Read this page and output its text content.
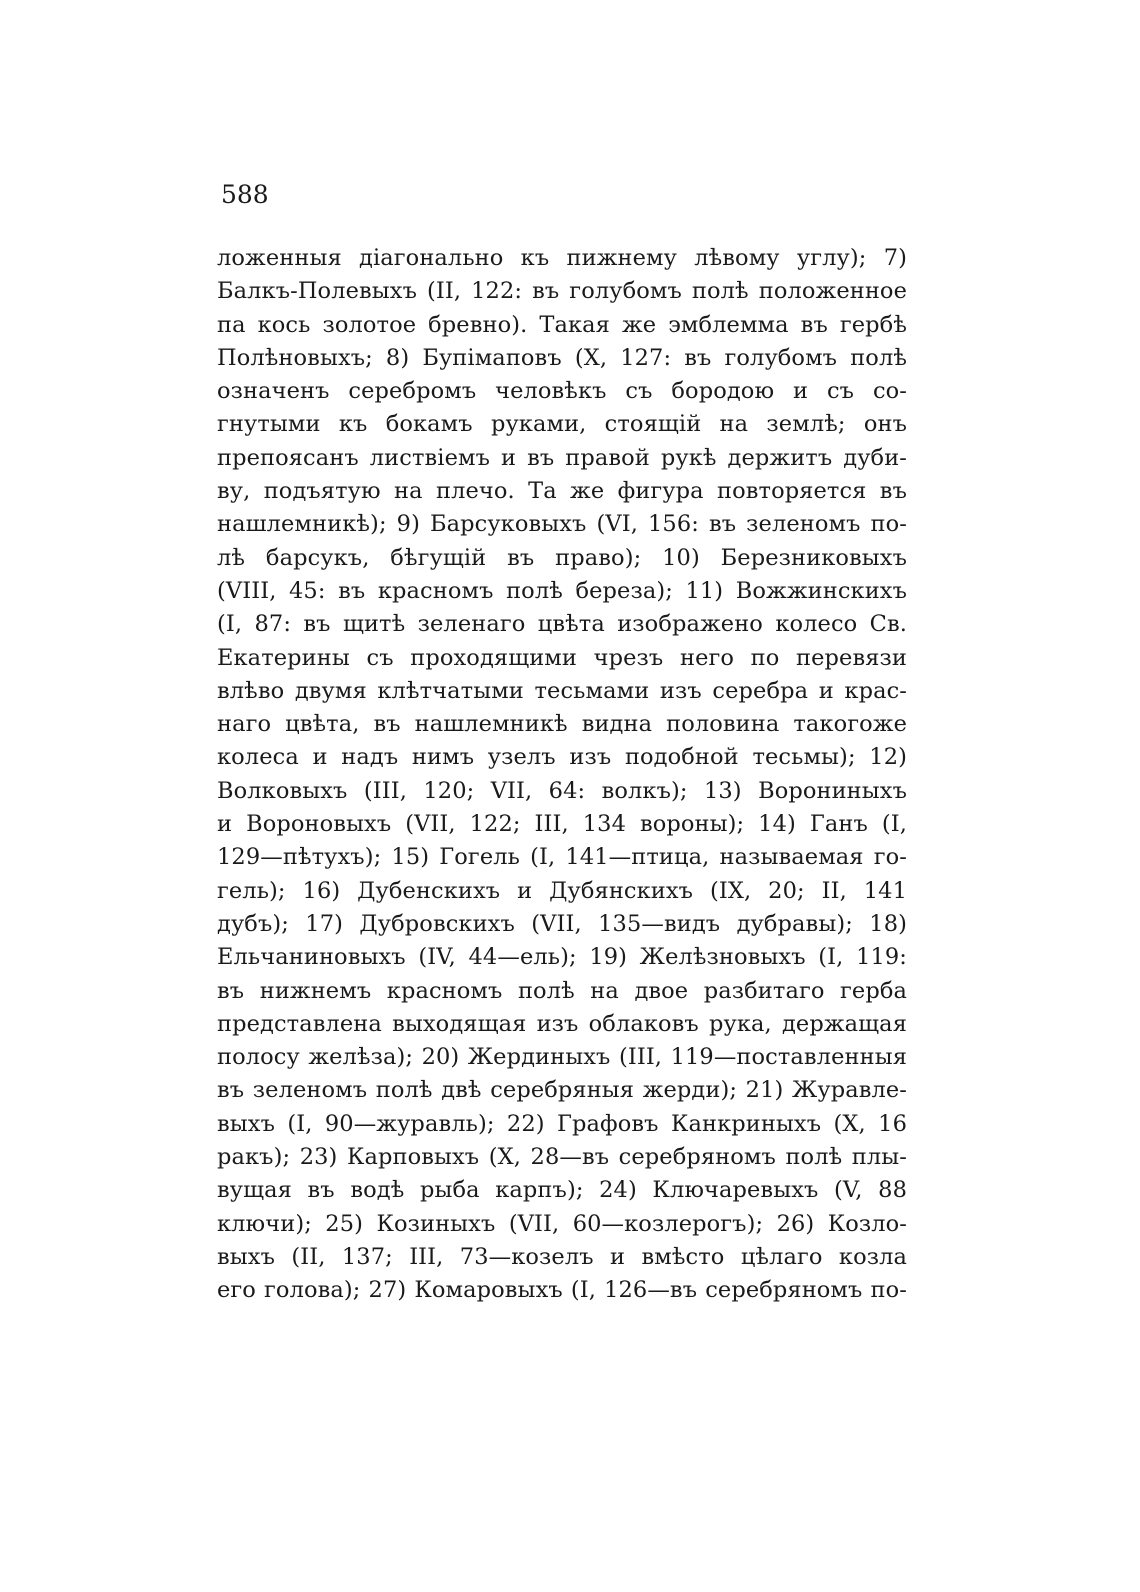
588
ложенныя діагонально къ пижнему лѣвому углу); 7)
Балкъ-Полевыхъ (II, 122: въ голубомъ полѣ положенное
па кось золотое бревно). Такая же эмблемма въ гербѣ
Полѣновыхъ; 8) Бупімаповъ (X, 127: въ голубомъ полѣ
означенъ серебромъ человѣкъ съ бородою и съ со-
гнутыми къ бокамъ руками, стоящій на землѣ; онъ
препоясанъ листвіемъ и въ правой рукѣ держитъ дуби-
ву, подъятую на плечо. Та же фигура повторяется въ
нашлемникѣ); 9) Барсуковыхъ (VI, 156: въ зеленомъ по-
лѣ барсукъ, бѣгущій въ право); 10) Березниковыхъ
(VIII, 45: въ красномъ полѣ береза); 11) Вожжинскихъ
(I, 87: въ щитѣ зеленаго цвѣта изображено колесо Св.
Екатерины съ проходящими чрезъ него по перевязи
влѣво двумя клѣтчатыми тесьмами изъ серебра и крас-
наго цвѣта, въ нашлемникѣ видна половина такогоже
колеса и надъ нимъ узелъ изъ подобной тесьмы); 12)
Волковыхъ (III, 120; VII, 64: волкъ); 13) Ворониныхъ
и Вороновыхъ (VII, 122; III, 134 вороны); 14) Ганъ (I,
129—пѣтухъ); 15) Гогель (I, 141—птица, называемая го-
гель); 16) Дубенскихъ и Дубянскихъ (IX, 20; II, 141
дубъ); 17) Дубровскихъ (VII, 135—видъ дубравы); 18)
Ельчаниновыхъ (IV, 44—ель); 19) Желѣзновыхъ (I, 119:
въ нижнемъ красномъ полѣ на двое разбитаго герба
представлена выходящая изъ облаковъ рука, держащая
полосу желѣза); 20) Жердиныхъ (III, 119—поставленныя
въ зеленомъ полѣ двѣ серебряныя жерди); 21) Журавле-
выхъ (I, 90—журавль); 22) Графовъ Канкриныхъ (X, 16
ракъ); 23) Карповыхъ (X, 28—въ серебряномъ полѣ плы-
вущая въ водѣ рыба карпъ); 24) Ключаревыхъ (V, 88
ключи); 25) Козиныхъ (VII, 60—козлерогъ); 26) Козло-
выхъ (II, 137; III, 73—козелъ и вмѣсто цѣлаго козла
его голова); 27) Комаровыхъ (I, 126—въ серебряномъ по-
